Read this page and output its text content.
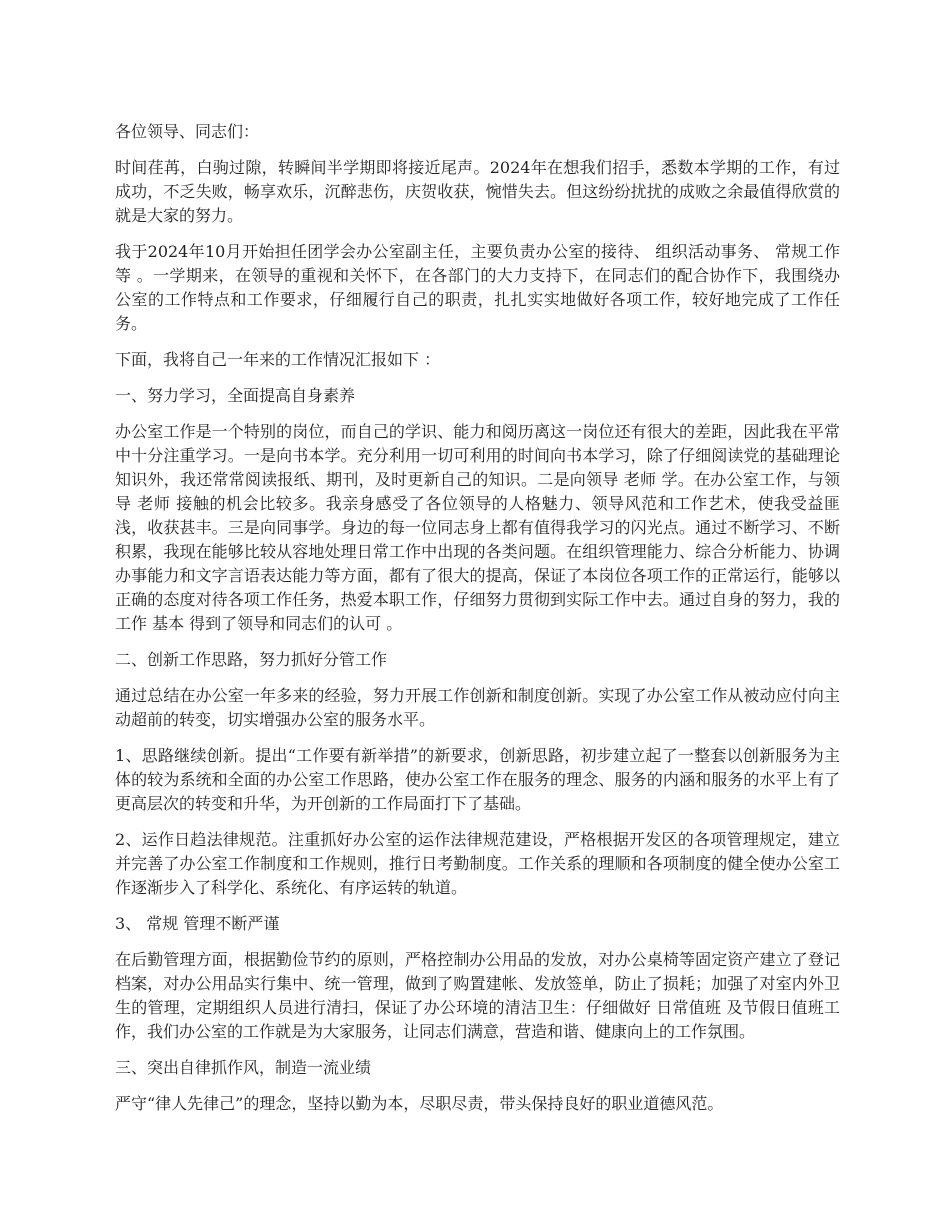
各位领导、同志们：

时间荏苒，白驹过隙，转瞬间半学期即将接近尾声。2024年在想我们招手，悉数本学期的工作，有过成功，不乏失败，畅享欢乐，沉醉悲伤，庆贺收获，惋惜失去。但这纷纷扰扰的成败之余最值得欣赏的就是大家的努力。

我于2024年10月开始担任团学会办公室副主任，主要负责办公室的接待、 组织活动事务、 常规工作等 。一学期来，在领导的重视和关怀下，在各部门的大力支持下，在同志们的配合协作下，我围绕办公室的工作特点和工作要求，仔细履行自己的职责，扎扎实实地做好各项工作，较好地完成了工作任务。

下面，我将自己一年来的工作情况汇报如下 ：

一、努力学习，全面提高自身素养

办公室工作是一个特别的岗位，而自己的学识、能力和阅历离这一岗位还有很大的差距，因此我在平常中十分注重学习。一是向书本学。充分利用一切可利用的时间向书本学习，除了仔细阅读党的基础理论知识外，我还常常阅读报纸、期刊，及时更新自己的知识。二是向领导 老师 学。在办公室工作，与领导 老师 接触的机会比较多。我亲身感受了各位领导的人格魅力、领导风范和工作艺术，使我受益匪浅，收获甚丰。三是向同事学。身边的每一位同志身上都有值得我学习的闪光点。通过不断学习、不断积累，我现在能够比较从容地处理日常工作中出现的各类问题。在组织管理能力、综合分析能力、协调办事能力和文字言语表达能力等方面，都有了很大的提高，保证了本岗位各项工作的正常运行，能够以正确的态度对待各项工作任务，热爱本职工作，仔细努力贯彻到实际工作中去。通过自身的努力，我的工作 基本 得到了领导和同志们的认可 。

二、创新工作思路，努力抓好分管工作

通过总结在办公室一年多来的经验，努力开展工作创新和制度创新。实现了办公室工作从被动应付向主动超前的转变，切实增强办公室的服务水平。

1、思路继续创新。提出“工作要有新举措”的新要求，创新思路，初步建立起了一整套以创新服务为主体的较为系统和全面的办公室工作思路，使办公室工作在服务的理念、服务的内涵和服务的水平上有了更高层次的转变和升华，为开创新的工作局面打下了基础。

2、运作日趋法律规范。注重抓好办公室的运作法律规范建设，严格根据开发区的各项管理规定，建立并完善了办公室工作制度和工作规则，推行日考勤制度。工作关系的理顺和各项制度的健全使办公室工作逐渐步入了科学化、系统化、有序运转的轨道。

3、 常规 管理不断严谨

在后勤管理方面，根据勤俭节约的原则，严格控制办公用品的发放，对办公桌椅等固定资产建立了登记档案，对办公用品实行集中、统一管理，做到了购置建帐、发放签单，防止了损耗；加强了对室内外卫生的管理，定期组织人员进行清扫，保证了办公环境的清洁卫生：仔细做好 日常值班 及节假日值班工作，我们办公室的工作就是为大家服务，让同志们满意，营造和谐、健康向上的工作氛围。

三、突出自律抓作风，制造一流业绩

严守“律人先律己”的理念，坚持以勤为本，尽职尽责，带头保持良好的职业道德风范。
